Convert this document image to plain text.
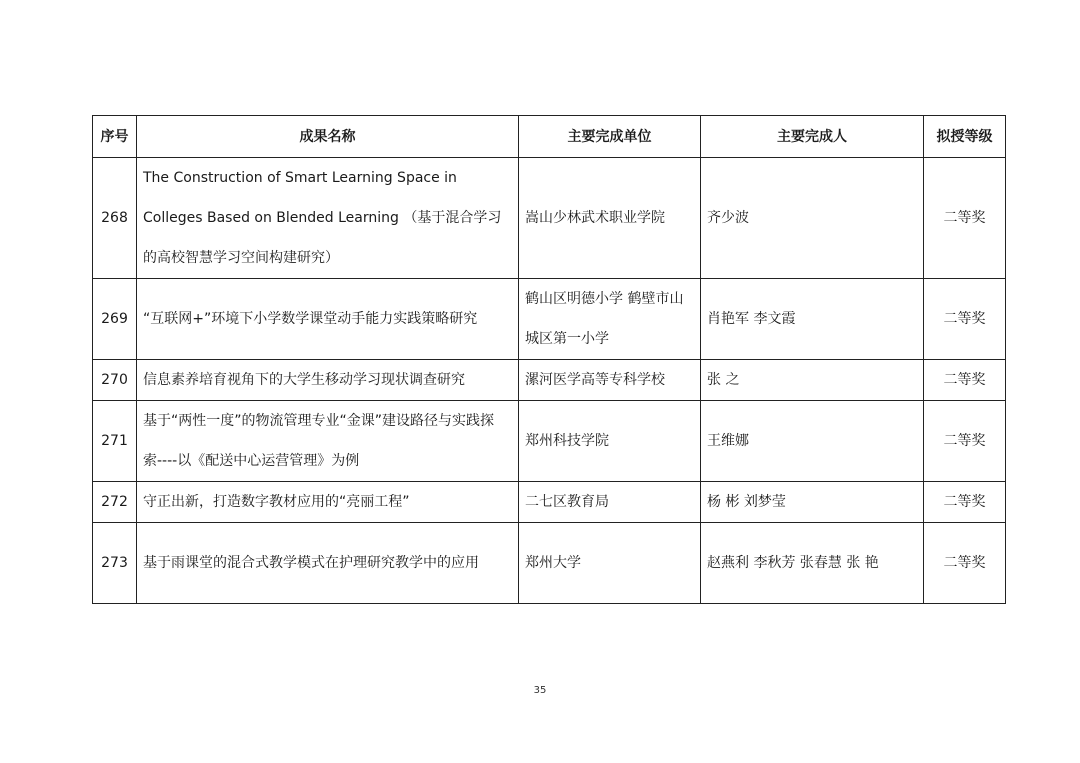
序号	成果名称	主要完成单位	主要完成人	拟授等级
268	The Construction of Smart Learning Space in Colleges Based on Blended Learning （基于混合学习的高校智慧学习空间构建研究）	嵩山少林武术职业学院	齐少波	二等奖
269	“互联网+”环境下小学数学课堂动手能力实践策略研究	鹤山区明德小学 鹤壁市山城区第一小学	肖艳军 李文霞	二等奖
270	信息素养培育视角下的大学生移动学习现状调查研究	漯河医学高等专科学校	张 之	二等奖
271	基于“两性一度”的物流管理专业“金课”建设路径与实践探索----以《配送中心运营管理》为例	郑州科技学院	王维娜	二等奖
272	守正出新，打造数字教材应用的“亮丽工程”	二七区教育局	杨 彬 刘梦莹	二等奖
273	基于雨课堂的混合式教学模式在护理研究教学中的应用	郑州大学	赵燕利 李秋芳 张春慧 张 艳	二等奖
35
